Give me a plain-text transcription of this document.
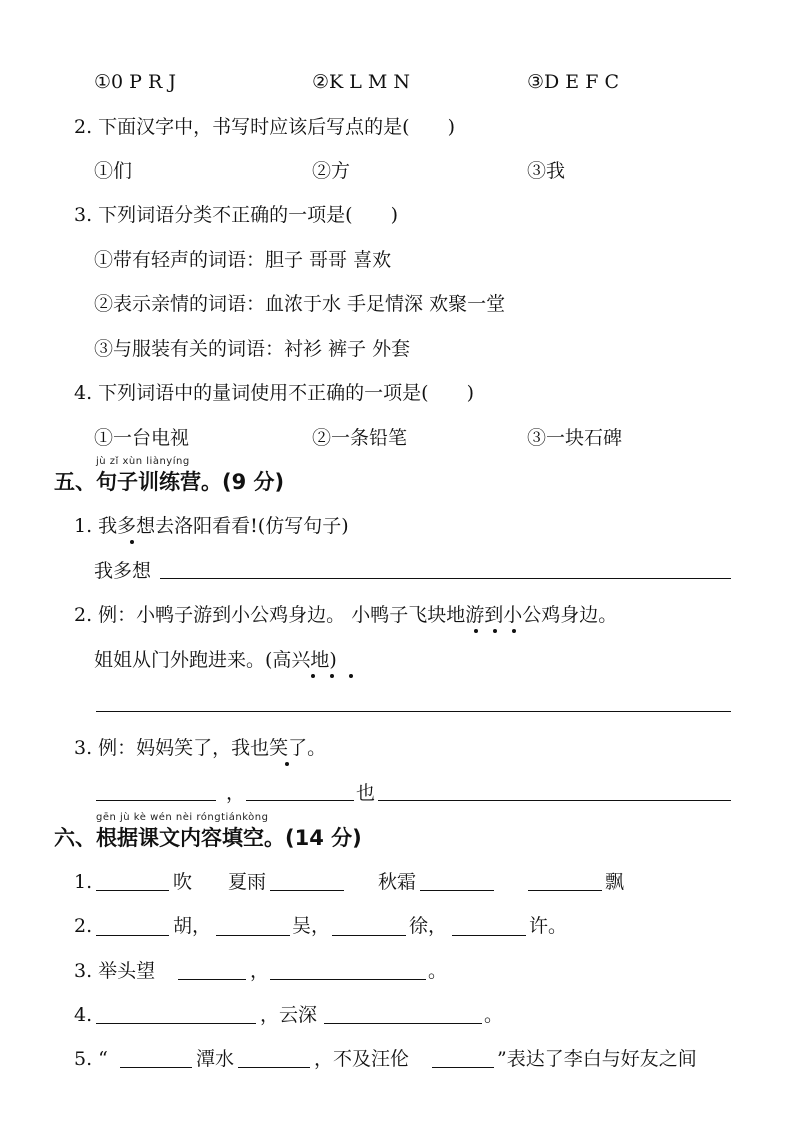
①0 P R J	②K L M N	③D E F C
2. 下面汉字中，书写时应该后写点的是(　　)
①们	②方	③我
3. 下列词语分类不正确的一项是(　　)
①带有轻声的词语：胆子 哥哥 喜欢
②表示亲情的词语：血浓于水 手足情深 欢聚一堂
③与服装有关的词语：衬衫 裤子 外套
4. 下列词语中的量词使用不正确的一项是(　　)
①一台电视	②一条铅笔	③一块石碑
jù zǐ xùn liànyíng
五、句子训练营。(9 分)
1. 我多想去洛阳看看!(仿写句子)
我多想
2. 例：小鸭子游到小公鸡身边。 小鸭子飞块地游到小公鸡身边。
姐姐从门外跑进来。(高兴地)
3. 例：妈妈笑了，我也笑了。
，	也
gēn jù kè wén nèi róngtiánkòng
六、根据课文内容填空。(14 分)
1.	吹 夏雨	秋霜	飘
2.	胡，	吴，	徐，	许。
3. 举头望	，	。
4.	，云深	。
5. “	潭水	，不及汪伦	”表达了李白与好友之间
